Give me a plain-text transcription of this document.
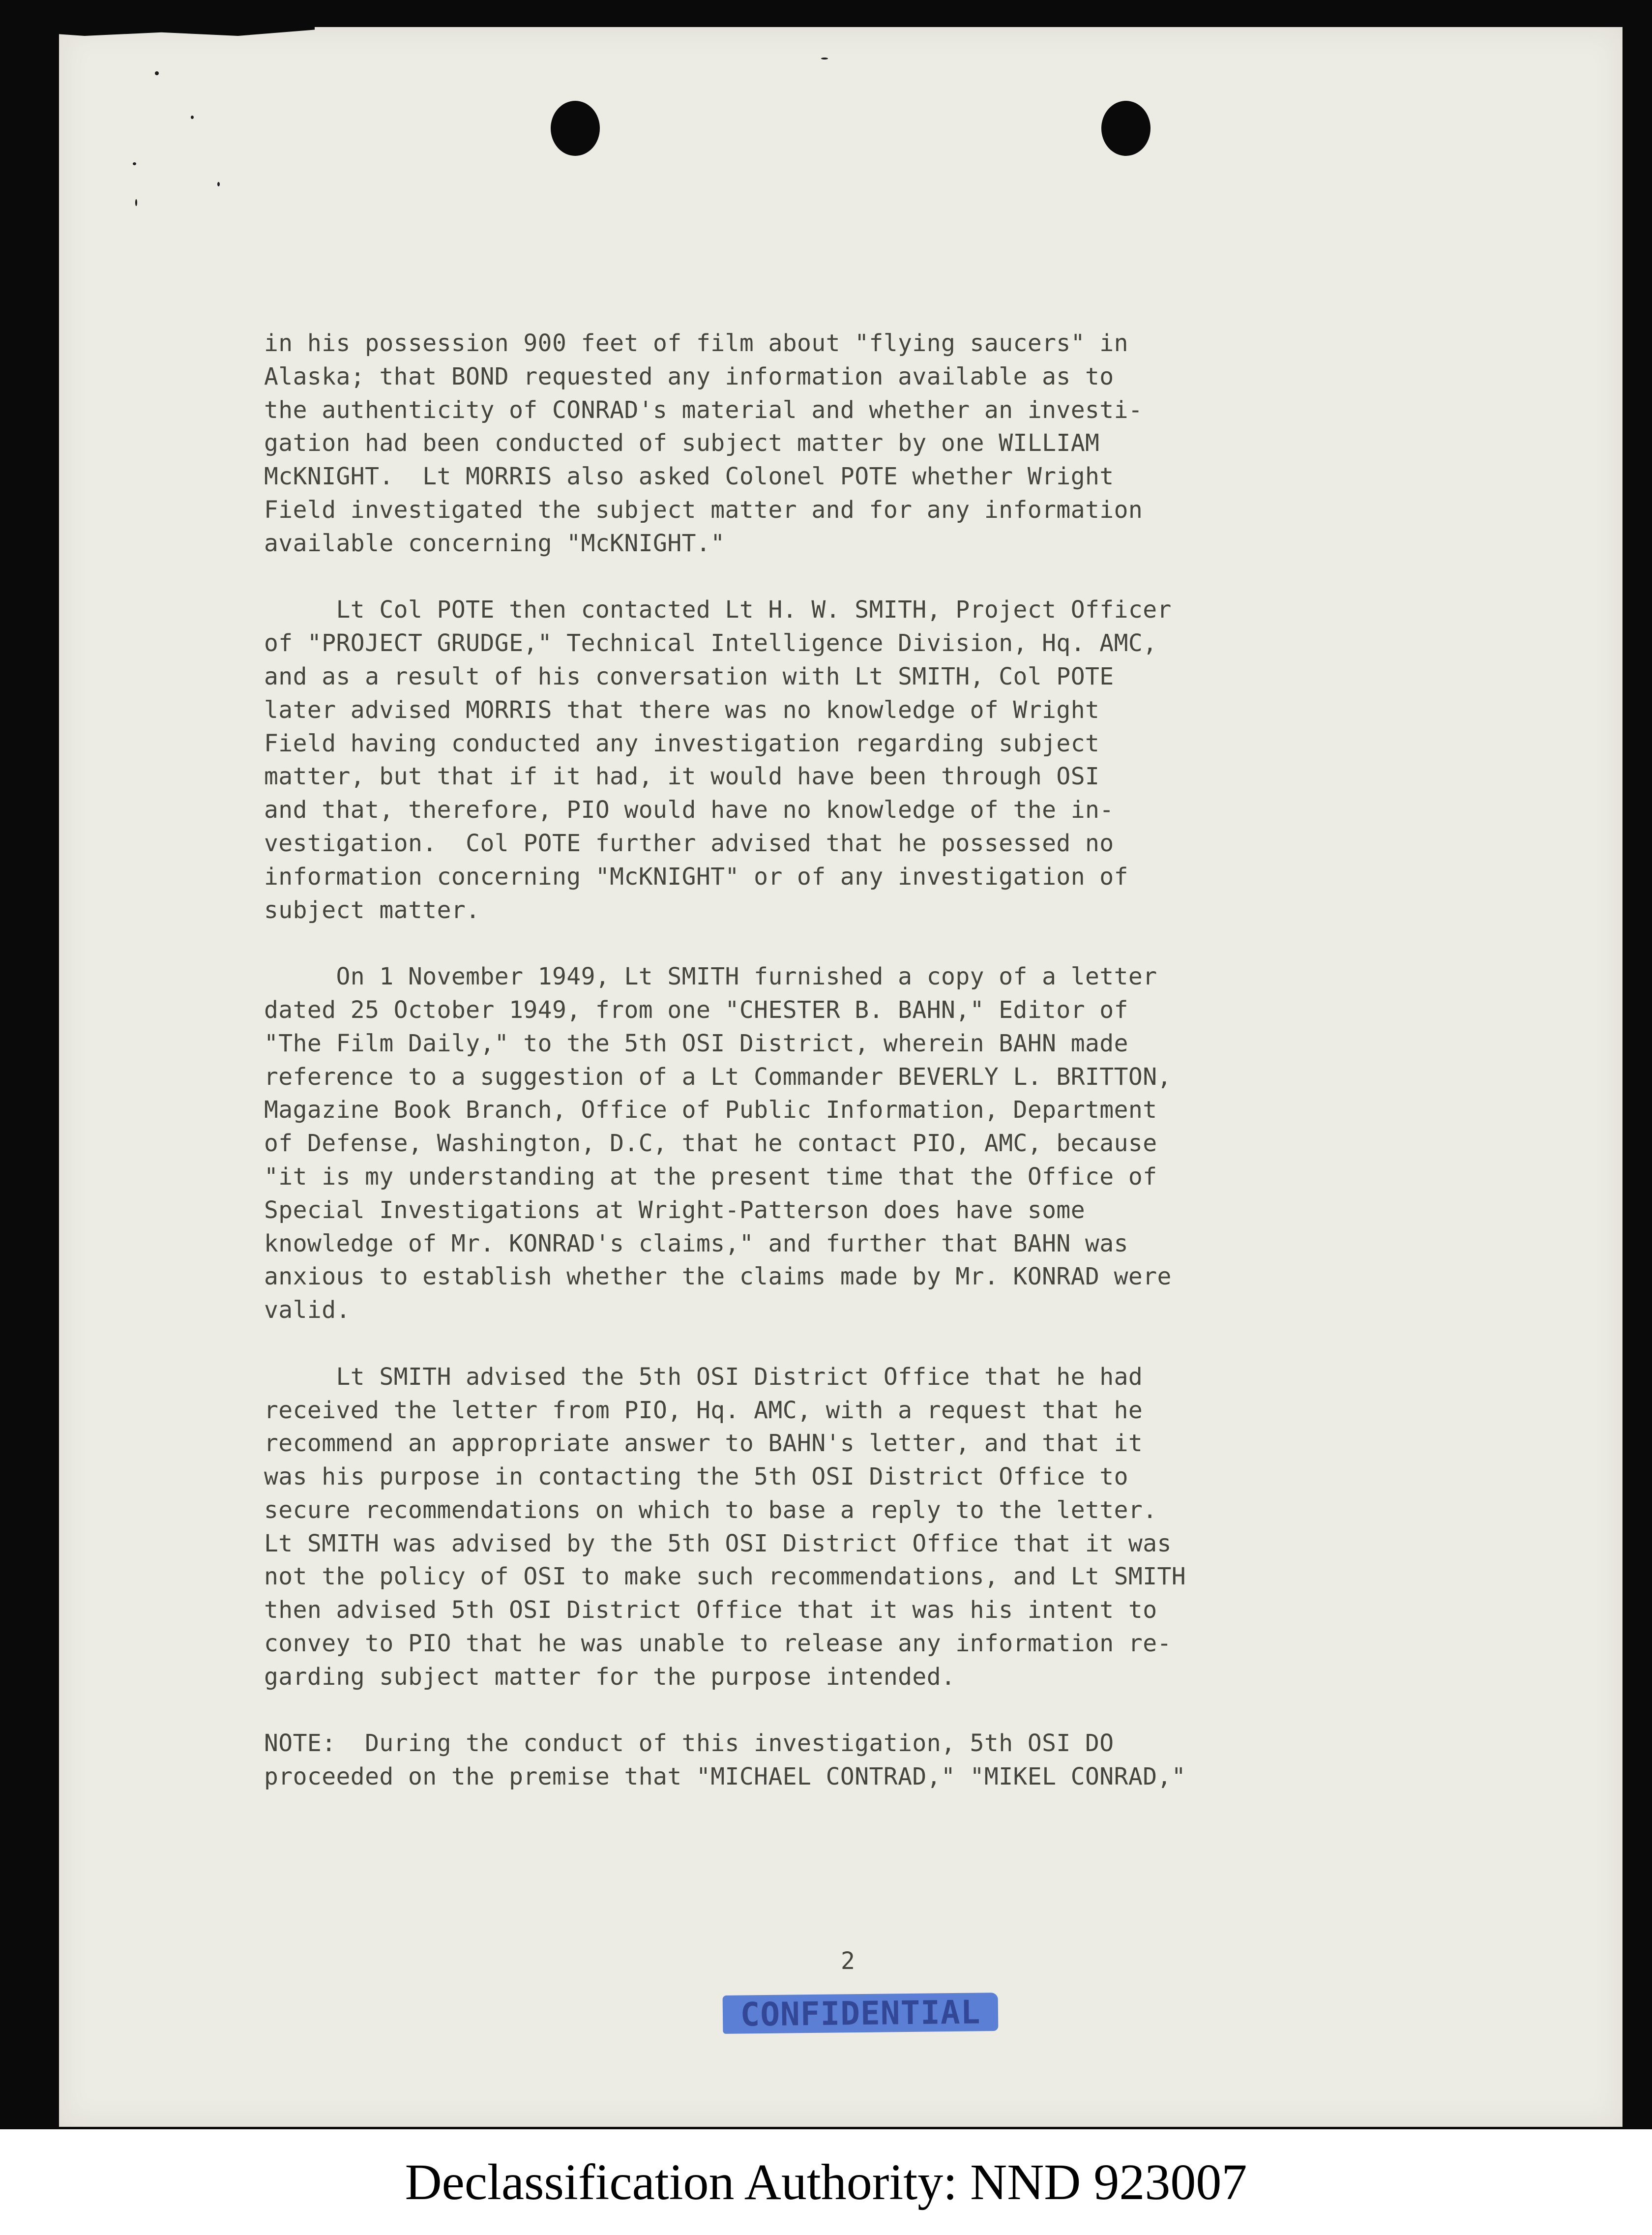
in his possession 900 feet of film about "flying saucers" in
Alaska; that BOND requested any information available as to
the authenticity of CONRAD's material and whether an investi-
gation had been conducted of subject matter by one WILLIAM
McKNIGHT.  Lt MORRIS also asked Colonel POTE whether Wright
Field investigated the subject matter and for any information
available concerning "McKNIGHT."
Lt Col POTE then contacted Lt H. W. SMITH, Project Officer
of "PROJECT GRUDGE," Technical Intelligence Division, Hq. AMC,
and as a result of his conversation with Lt SMITH, Col POTE
later advised MORRIS that there was no knowledge of Wright
Field having conducted any investigation regarding subject
matter, but that if it had, it would have been through OSI
and that, therefore, PIO would have no knowledge of the in-
vestigation.  Col POTE further advised that he possessed no
information concerning "McKNIGHT" or of any investigation of
subject matter.
On 1 November 1949, Lt SMITH furnished a copy of a letter
dated 25 October 1949, from one "CHESTER B. BAHN," Editor of
"The Film Daily," to the 5th OSI District, wherein BAHN made
reference to a suggestion of a Lt Commander BEVERLY L. BRITTON,
Magazine Book Branch, Office of Public Information, Department
of Defense, Washington, D.C, that he contact PIO, AMC, because
"it is my understanding at the present time that the Office of
Special Investigations at Wright-Patterson does have some
knowledge of Mr. KONRAD's claims," and further that BAHN was
anxious to establish whether the claims made by Mr. KONRAD were
valid.
Lt SMITH advised the 5th OSI District Office that he had
received the letter from PIO, Hq. AMC, with a request that he
recommend an appropriate answer to BAHN's letter, and that it
was his purpose in contacting the 5th OSI District Office to
secure recommendations on which to base a reply to the letter.
Lt SMITH was advised by the 5th OSI District Office that it was
not the policy of OSI to make such recommendations, and Lt SMITH
then advised 5th OSI District Office that it was his intent to
convey to PIO that he was unable to release any information re-
garding subject matter for the purpose intended.
NOTE:  During the conduct of this investigation, 5th OSI DO
proceeded on the premise that "MICHAEL CONTRAD," "MIKEL CONRAD,"
2
CONFIDENTIAL
Declassification Authority: NND 923007
